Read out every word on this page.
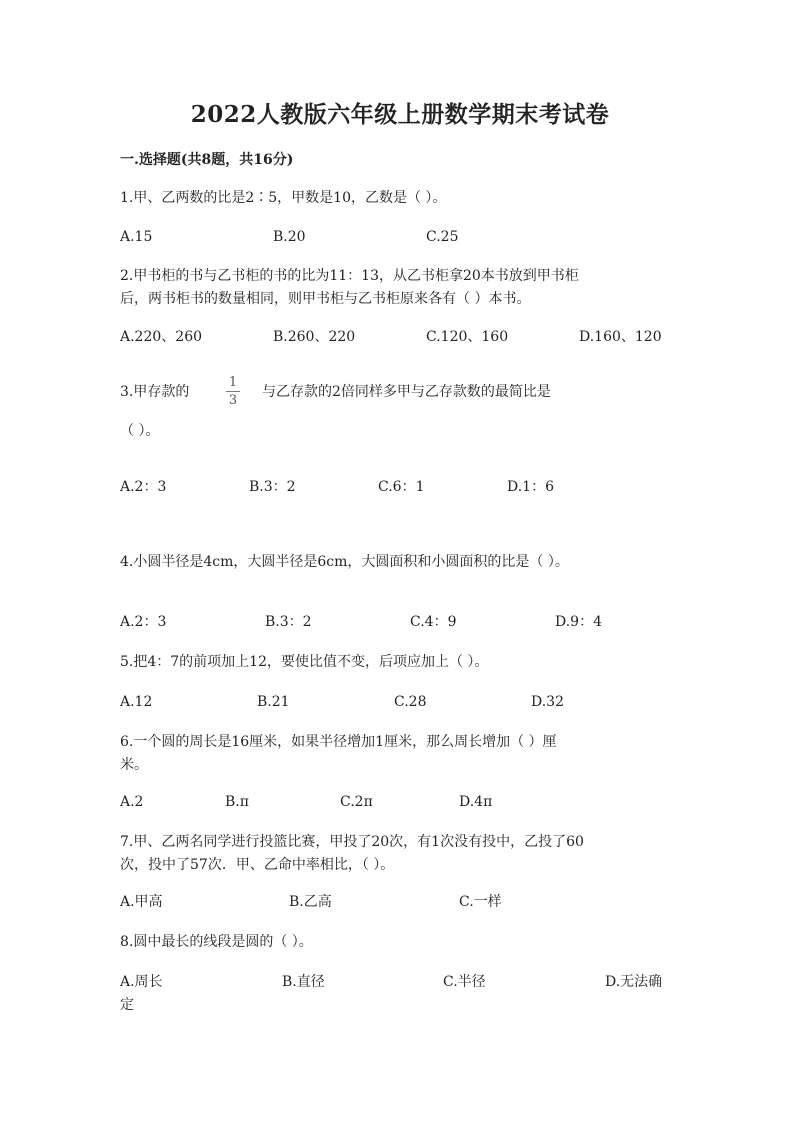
2022人教版六年级上册数学期末考试卷
一.选择题(共8题，共16分)
1.甲、乙两数的比是2∶5，甲数是10，乙数是（ ）。
A.15	B.20	C.25
2.甲书柜的书与乙书柜的书的比为11：13，从乙书柜拿20本书放到甲书柜
后，两书柜书的数量相同，则甲书柜与乙书柜原来各有（ ）本书。
A.220、260	B.260、220	C.120、160	D.160、120
3.甲存款的
1
3
与乙存款的2倍同样多甲与乙存款数的最简比是
（ ）。
A.2：3	B.3：2	C.6：1	D.1：6
4.小圆半径是4cm，大圆半径是6cm，大圆面积和小圆面积的比是（ ）。
A.2：3	B.3：2	C.4：9	D.9：4
5.把4：7的前项加上12，要使比值不变，后项应加上（ ）。
A.12	B.21	C.28	D.32
6.一个圆的周长是16厘米，如果半径增加1厘米，那么周长增加（ ）厘
米。
A.2	B.π	C.2π	D.4π
7.甲、乙两名同学进行投篮比赛，甲投了20次，有1次没有投中，乙投了60
次，投中了57次．甲、乙命中率相比，（ ）。
A.甲高	B.乙高	C.一样
8.圆中最长的线段是圆的（ ）。
A.周长	B.直径	C.半径	D.无法确
定
